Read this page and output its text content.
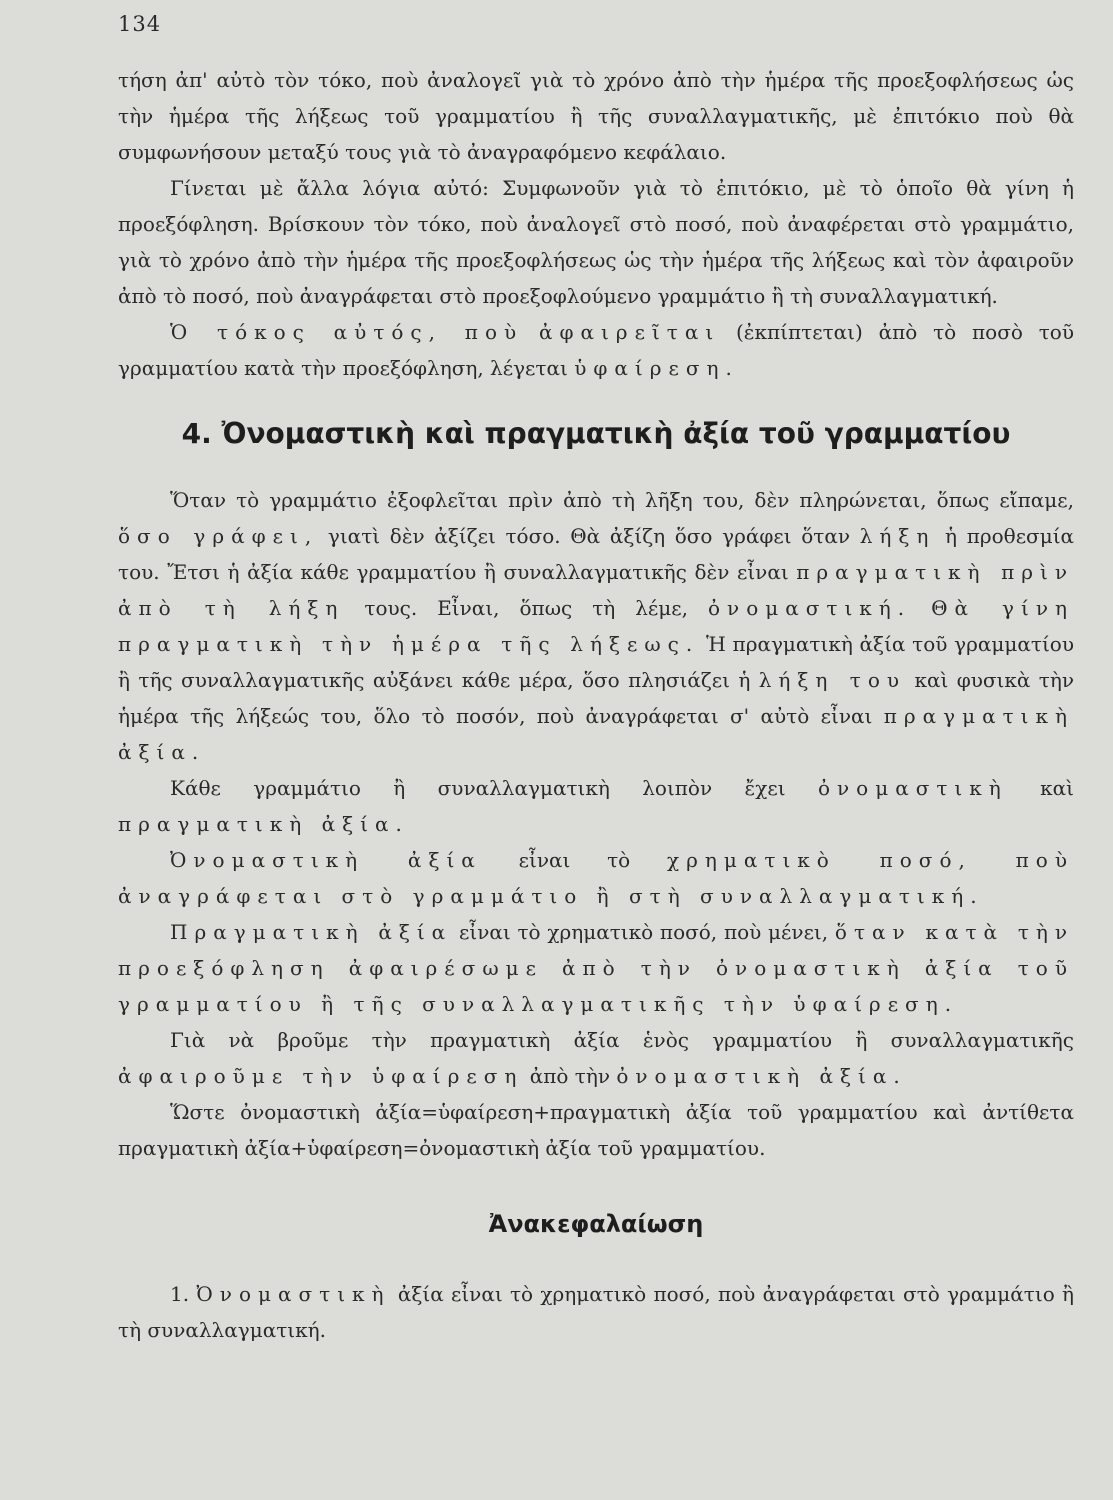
134

τήση ἀπ' αὐτὸ τὸν τόκο, ποὺ ἀναλογεῖ γιὰ τὸ χρόνο ἀπὸ τὴν ἡμέρα τῆς προεξοφλήσεως ὡς τὴν ἡμέρα τῆς λήξεως τοῦ γραμματίου ἢ τῆς συναλλαγματικῆς, μὲ ἐπιτόκιο ποὺ θὰ συμφωνήσουν μεταξύ τους γιὰ τὸ ἀναγραφόμενο κεφάλαιο.

Γίνεται μὲ ἄλλα λόγια αὐτό: Συμφωνοῦν γιὰ τὸ ἐπιτόκιο, μὲ τὸ ὁποῖο θὰ γίνη ἡ προεξόφληση. Βρίσκουν τὸν τόκο, ποὺ ἀναλογεῖ στὸ ποσό, ποὺ ἀναφέρεται στὸ γραμμάτιο, γιὰ τὸ χρόνο ἀπὸ τὴν ἡμέρα τῆς προεξοφλήσεως ὡς τὴν ἡμέρα τῆς λήξεως καὶ τὸν ἀφαιροῦν ἀπὸ τὸ ποσό, ποὺ ἀναγράφεται στὸ προεξοφλούμενο γραμμάτιο ἢ τὴ συναλλαγματική.

Ὁ τόκος αὐτός, ποὺ ἀφαιρεῖται (ἐκπίπτεται) ἀπὸ τὸ ποσὸ τοῦ γραμματίου κατὰ τὴν προεξόφληση, λέγεται ὑφαίρεση.

4. Ὀνομαστικὴ καὶ πραγματικὴ ἀξία τοῦ γραμματίου

Ὅταν τὸ γραμμάτιο ἐξοφλεῖται πρὶν ἀπὸ τὴ λῆξη του, δὲν πληρώνεται, ὅπως εἴπαμε, ὅσο γράφει, γιατὶ δὲν ἀξίζει τόσο. Θὰ ἀξίζη ὅσο γράφει ὅταν λήξη ἡ προθεσμία του. Ἔτσι ἡ ἀξία κάθε γραμματίου ἢ συναλλαγματικῆς δὲν εἶναι πραγματικὴ πρὶν ἀπὸ τὴ λήξη τους. Εἶναι, ὅπως τὴ λέμε, ὀνομαστική. Θὰ γίνη πραγματικὴ τὴν ἡμέρα τῆς λήξεως. Ἡ πραγματικὴ ἀξία τοῦ γραμματίου ἢ τῆς συναλλαγματικῆς αὐξάνει κάθε μέρα, ὅσο πλησιάζει ἡ λήξη του καὶ φυσικὰ τὴν ἡμέρα τῆς λήξεώς του, ὅλο τὸ ποσόν, ποὺ ἀναγράφεται σ' αὐτὸ εἶναι πραγματικὴ ἀξία.

Κάθε γραμμάτιο ἢ συναλλαγματικὴ λοιπὸν ἔχει ὀνομαστικὴ καὶ πραγματικὴ ἀξία.

Ὀνομαστικὴ ἀξία εἶναι τὸ χρηματικὸ ποσό, ποὺ ἀναγράφεται στὸ γραμμάτιο ἢ στὴ συναλλαγματική.

Πραγματικὴ ἀξία εἶναι τὸ χρηματικὸ ποσό, ποὺ μένει, ὅταν κατὰ τὴν προεξόφληση ἀφαιρέσωμε ἀπὸ τὴν ὀνομαστικὴ ἀξία τοῦ γραμματίου ἢ τῆς συναλλαγματικῆς τὴν ὑφαίρεση.

Γιὰ νὰ βροῦμε τὴν πραγματικὴ ἀξία ἑνὸς γραμματίου ἢ συναλλαγματικῆς ἀφαιροῦμε τὴν ὑφαίρεση ἀπὸ τὴν ὀνομαστικὴ ἀξία.

Ὥστε ὀνομαστικὴ ἀξία=ὑφαίρεση+πραγματικὴ ἀξία τοῦ γραμματίου καὶ ἀντίθετα πραγματικὴ ἀξία+ὑφαίρεση=ὀνομαστικὴ ἀξία τοῦ γραμματίου.

Ἀνακεφαλαίωση

1. Ὀνομαστικὴ ἀξία εἶναι τὸ χρηματικὸ ποσό, ποὺ ἀναγράφεται στὸ γραμμάτιο ἢ τὴ συναλλαγματική.
